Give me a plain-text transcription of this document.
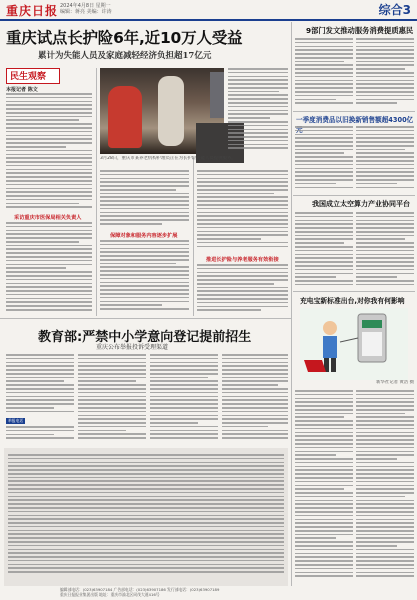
重庆日报 2024年4月8日 星期一
编辑：蒋亮 美编：许涛	综合3
重庆试点长护险6年,近10万人受益
累计为失能人员及家庭减轻经济负担超17亿元
民生观察
本报记者 陈文
采访重庆市医保局相关负责人
3月28日，重庆市某养老机构护理员正在为长护险失能人员提供服务。
保障对象和服务内容逐步扩展
推进长护险与养老服务有效衔接
教育部:严禁中小学意向登记提前招生
重庆公布举报投诉受理渠道
举报电话
9部门发文推动服务消费提质惠民
一季度消费品以旧换新销售额超4300亿
我国成立太空算力产业协同平台
充电宝新标准出台,对你我有何影响
新华社记者 黄浩 摄
编辑部电话：(023)63907184 广告部电话：(023)63907186 发行部电话：(023)63907189
重庆日报报业集团出版 地址：重庆市渝北区同茂大道416号
